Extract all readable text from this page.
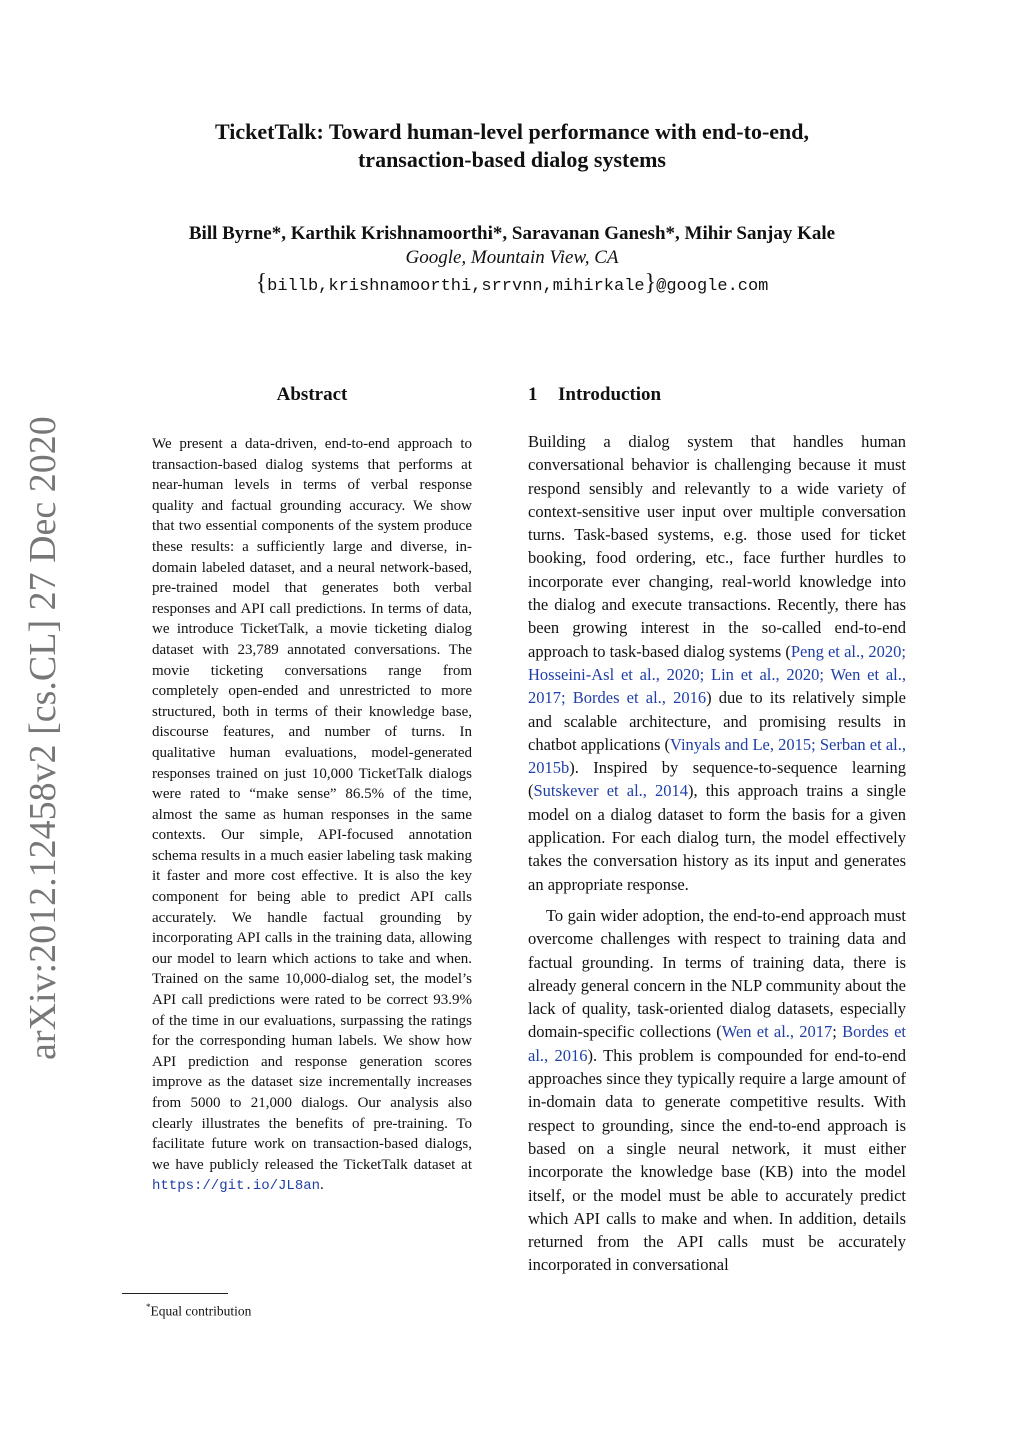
TicketTalk: Toward human-level performance with end-to-end,
transaction-based dialog systems
Bill Byrne*, Karthik Krishnamoorthi*, Saravanan Ganesh*, Mihir Sanjay Kale
Google, Mountain View, CA
{billb,krishnamoorthi,srrvnn,mihirkale}@google.com
arXiv:2012.12458v2 [cs.CL] 27 Dec 2020
Abstract
We present a data-driven, end-to-end approach to transaction-based dialog systems that performs at near-human levels in terms of verbal response quality and factual grounding accuracy. We show that two essential components of the system produce these results: a sufficiently large and diverse, in-domain labeled dataset, and a neural network-based, pre-trained model that generates both verbal responses and API call predictions. In terms of data, we introduce TicketTalk, a movie ticketing dialog dataset with 23,789 annotated conversations. The movie ticketing conversations range from completely open-ended and unrestricted to more structured, both in terms of their knowledge base, discourse features, and number of turns. In qualitative human evaluations, model-generated responses trained on just 10,000 TicketTalk dialogs were rated to “make sense” 86.5% of the time, almost the same as human responses in the same contexts. Our simple, API-focused annotation schema results in a much easier labeling task making it faster and more cost effective. It is also the key component for being able to predict API calls accurately. We handle factual grounding by incorporating API calls in the training data, allowing our model to learn which actions to take and when. Trained on the same 10,000-dialog set, the model’s API call predictions were rated to be correct 93.9% of the time in our evaluations, surpassing the ratings for the corresponding human labels. We show how API prediction and response generation scores improve as the dataset size incrementally increases from 5000 to 21,000 dialogs. Our analysis also clearly illustrates the benefits of pre-training. To facilitate future work on transaction-based dialogs, we have publicly released the TicketTalk dataset at https://git.io/JL8an.
*Equal contribution
1 Introduction

Building a dialog system that handles human conversational behavior is challenging because it must respond sensibly and relevantly to a wide variety of context-sensitive user input over multiple conversation turns. Task-based systems, e.g. those used for ticket booking, food ordering, etc., face further hurdles to incorporate ever changing, real-world knowledge into the dialog and execute transactions. Recently, there has been growing interest in the so-called end-to-end approach to task-based dialog systems (Peng et al., 2020; Hosseini-Asl et al., 2020; Lin et al., 2020; Wen et al., 2017; Bordes et al., 2016) due to its relatively simple and scalable architecture, and promising results in chatbot applications (Vinyals and Le, 2015; Serban et al., 2015b). Inspired by sequence-to-sequence learning (Sutskever et al., 2014), this approach trains a single model on a dialog dataset to form the basis for a given application. For each dialog turn, the model effectively takes the conversation history as its input and generates an appropriate response.

To gain wider adoption, the end-to-end approach must overcome challenges with respect to training data and factual grounding. In terms of training data, there is already general concern in the NLP community about the lack of quality, task-oriented dialog datasets, especially domain-specific collections (Wen et al., 2017; Bordes et al., 2016). This problem is compounded for end-to-end approaches since they typically require a large amount of in-domain data to generate competitive results. With respect to grounding, since the end-to-end approach is based on a single neural network, it must either incorporate the knowledge base (KB) into the model itself, or the model must be able to accurately predict which API calls to make and when. In addition, details returned from the API calls must be accurately incorporated in conversational
